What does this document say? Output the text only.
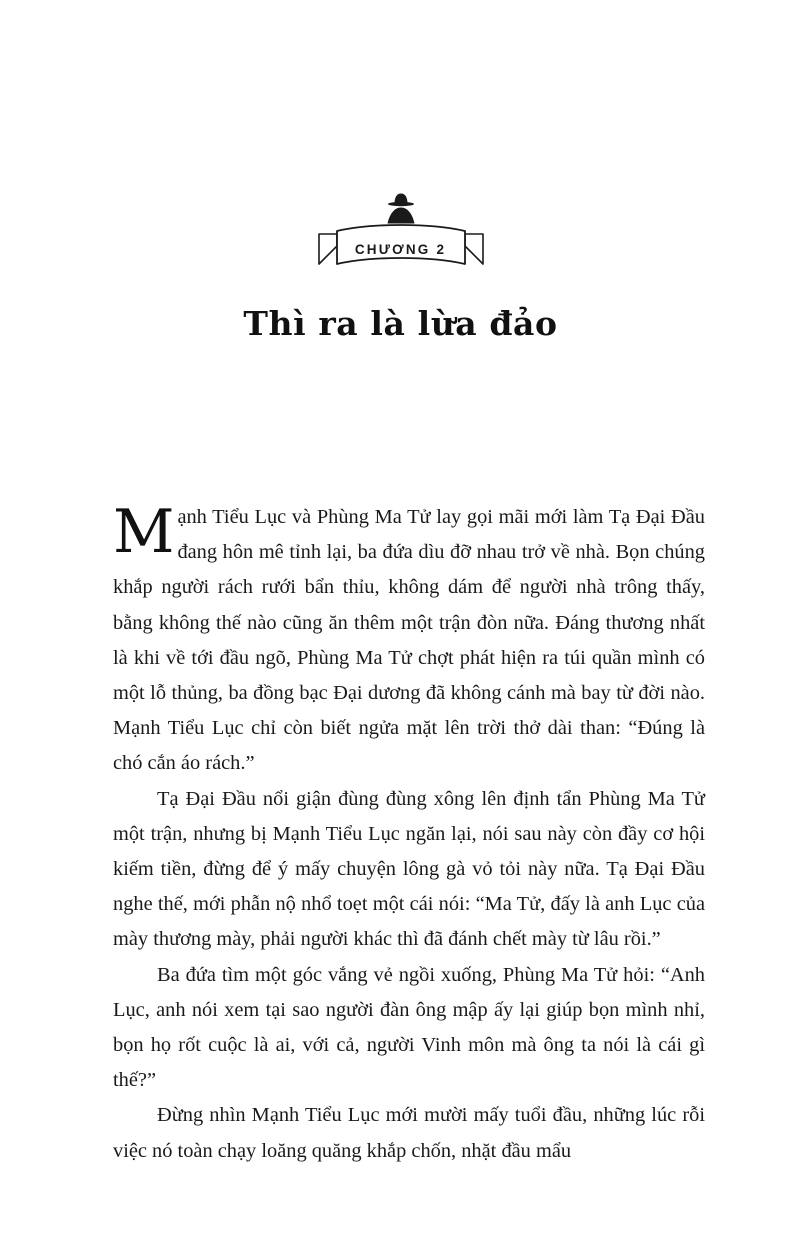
CHƯƠNG 2
Thì ra là lừa đảo

Mạnh Tiểu Lục và Phùng Ma Tử lay gọi mãi mới làm Tạ Đại Đầu đang hôn mê tỉnh lại, ba đứa dìu đỡ nhau trở về nhà. Bọn chúng khắp người rách rưới bẩn thỉu, không dám để người nhà trông thấy, bằng không thế nào cũng ăn thêm một trận đòn nữa. Đáng thương nhất là khi về tới đầu ngõ, Phùng Ma Tử chợt phát hiện ra túi quần mình có một lỗ thủng, ba đồng bạc Đại dương đã không cánh mà bay từ đời nào. Mạnh Tiểu Lục chỉ còn biết ngửa mặt lên trời thở dài than: “Đúng là chó cắn áo rách.”

Tạ Đại Đầu nổi giận đùng đùng xông lên định tẩn Phùng Ma Tử một trận, nhưng bị Mạnh Tiểu Lục ngăn lại, nói sau này còn đầy cơ hội kiếm tiền, đừng để ý mấy chuyện lông gà vỏ tỏi này nữa. Tạ Đại Đầu nghe thế, mới phẫn nộ nhổ toẹt một cái nói: “Ma Tử, đấy là anh Lục của mày thương mày, phải người khác thì đã đánh chết mày từ lâu rồi.”

Ba đứa tìm một góc vắng vẻ ngồi xuống, Phùng Ma Tử hỏi: “Anh Lục, anh nói xem tại sao người đàn ông mập ấy lại giúp bọn mình nhỉ, bọn họ rốt cuộc là ai, với cả, người Vinh môn mà ông ta nói là cái gì thế?”

Đừng nhìn Mạnh Tiểu Lục mới mười mấy tuổi đầu, những lúc rỗi việc nó toàn chạy loăng quăng khắp chốn, nhặt đầu mẩu
